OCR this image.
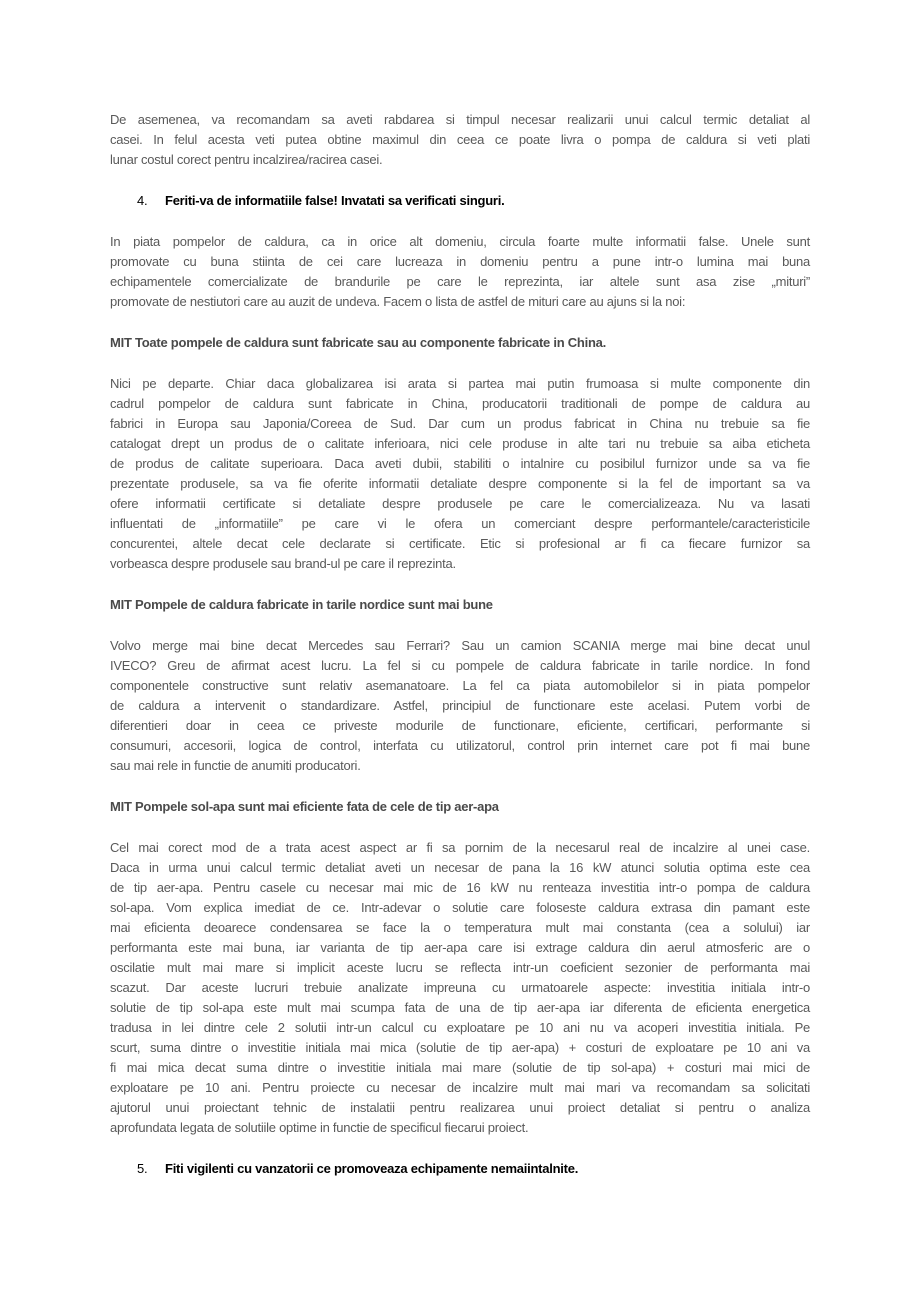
De asemenea, va recomandam sa aveti rabdarea si timpul necesar realizarii unui calcul termic detaliat al
casei. In felul acesta veti putea obtine maximul din ceea ce poate livra o pompa de caldura si veti plati
lunar costul corect pentru incalzirea/racirea casei.
4. Feriti-va de informatiile false! Invatati sa verificati singuri.
In piata pompelor de caldura, ca in orice alt domeniu, circula foarte multe informatii false. Unele sunt
promovate cu buna stiinta de cei care lucreaza in domeniu pentru a pune intr-o lumina mai buna
echipamentele comercializate de brandurile pe care le reprezinta, iar altele sunt asa zise „mituri”
promovate de nestiutori care au auzit de undeva. Facem o lista de astfel de mituri care au ajuns si la noi:
MIT Toate pompele de caldura sunt fabricate sau au componente fabricate in China.
Nici pe departe. Chiar daca globalizarea isi arata si partea mai putin frumoasa si multe componente din
cadrul pompelor de caldura sunt fabricate in China, producatorii traditionali de pompe de caldura au
fabrici in Europa sau Japonia/Coreea de Sud. Dar cum un produs fabricat in China nu trebuie sa fie
catalogat drept un produs de o calitate inferioara, nici cele produse in alte tari nu trebuie sa aiba eticheta
de produs de calitate superioara. Daca aveti dubii, stabiliti o intalnire cu posibilul furnizor unde sa va fie
prezentate produsele, sa va fie oferite informatii detaliate despre componente si la fel de important sa va
ofere informatii certificate si detaliate despre produsele pe care le comercializeaza. Nu va lasati
influentati de „informatiile” pe care vi le ofera un comerciant despre performantele/caracteristicile
concurentei, altele decat cele declarate si certificate. Etic si profesional ar fi ca fiecare furnizor sa
vorbeasca despre produsele sau brand-ul pe care il reprezinta.
MIT Pompele de caldura fabricate in tarile nordice sunt mai bune
Volvo merge mai bine decat Mercedes sau Ferrari? Sau un camion SCANIA merge mai bine decat unul
IVECO? Greu de afirmat acest lucru. La fel si cu pompele de caldura fabricate in tarile nordice. In fond
componentele constructive sunt relativ asemanatoare. La fel ca piata automobilelor si in piata pompelor
de caldura a intervenit o standardizare. Astfel, principiul de functionare este acelasi. Putem vorbi de
diferentieri doar in ceea ce priveste modurile de functionare, eficiente, certificari, performante si
consumuri, accesorii, logica de control, interfata cu utilizatorul, control prin internet care pot fi mai bune
sau mai rele in functie de anumiti producatori.
MIT Pompele sol-apa sunt mai eficiente fata de cele de tip aer-apa
Cel mai corect mod de a trata acest aspect ar fi sa pornim de la necesarul real de incalzire al unei case.
Daca in urma unui calcul termic detaliat aveti un necesar de pana la 16 kW atunci solutia optima este cea
de tip aer-apa. Pentru casele cu necesar mai mic de 16 kW nu renteaza investitia intr-o pompa de caldura
sol-apa. Vom explica imediat de ce. Intr-adevar o solutie care foloseste caldura extrasa din pamant este
mai eficienta deoarece condensarea se face la o temperatura mult mai constanta (cea a solului) iar
performanta este mai buna, iar varianta de tip aer-apa care isi extrage caldura din aerul atmosferic are o
oscilatie mult mai mare si implicit aceste lucru se reflecta intr-un coeficient sezonier de performanta mai
scazut. Dar aceste lucruri trebuie analizate impreuna cu urmatoarele aspecte: investitia initiala intr-o
solutie de tip sol-apa este mult mai scumpa fata de una de tip aer-apa iar diferenta de eficienta energetica
tradusa in lei dintre cele 2 solutii intr-un calcul cu exploatare pe 10 ani nu va acoperi investitia initiala. Pe
scurt, suma dintre o investitie initiala mai mica (solutie de tip aer-apa) + costuri de exploatare pe 10 ani va
fi mai mica decat suma dintre o investitie initiala mai mare (solutie de tip sol-apa) + costuri mai mici de
exploatare pe 10 ani. Pentru proiecte cu necesar de incalzire mult mai mari va recomandam sa solicitati
ajutorul unui proiectant tehnic de instalatii pentru realizarea unui proiect detaliat si pentru o analiza
aprofundata legata de solutiile optime in functie de specificul fiecarui proiect.
5. Fiti vigilenti cu vanzatorii ce promoveaza echipamente nemaiintalnite.
